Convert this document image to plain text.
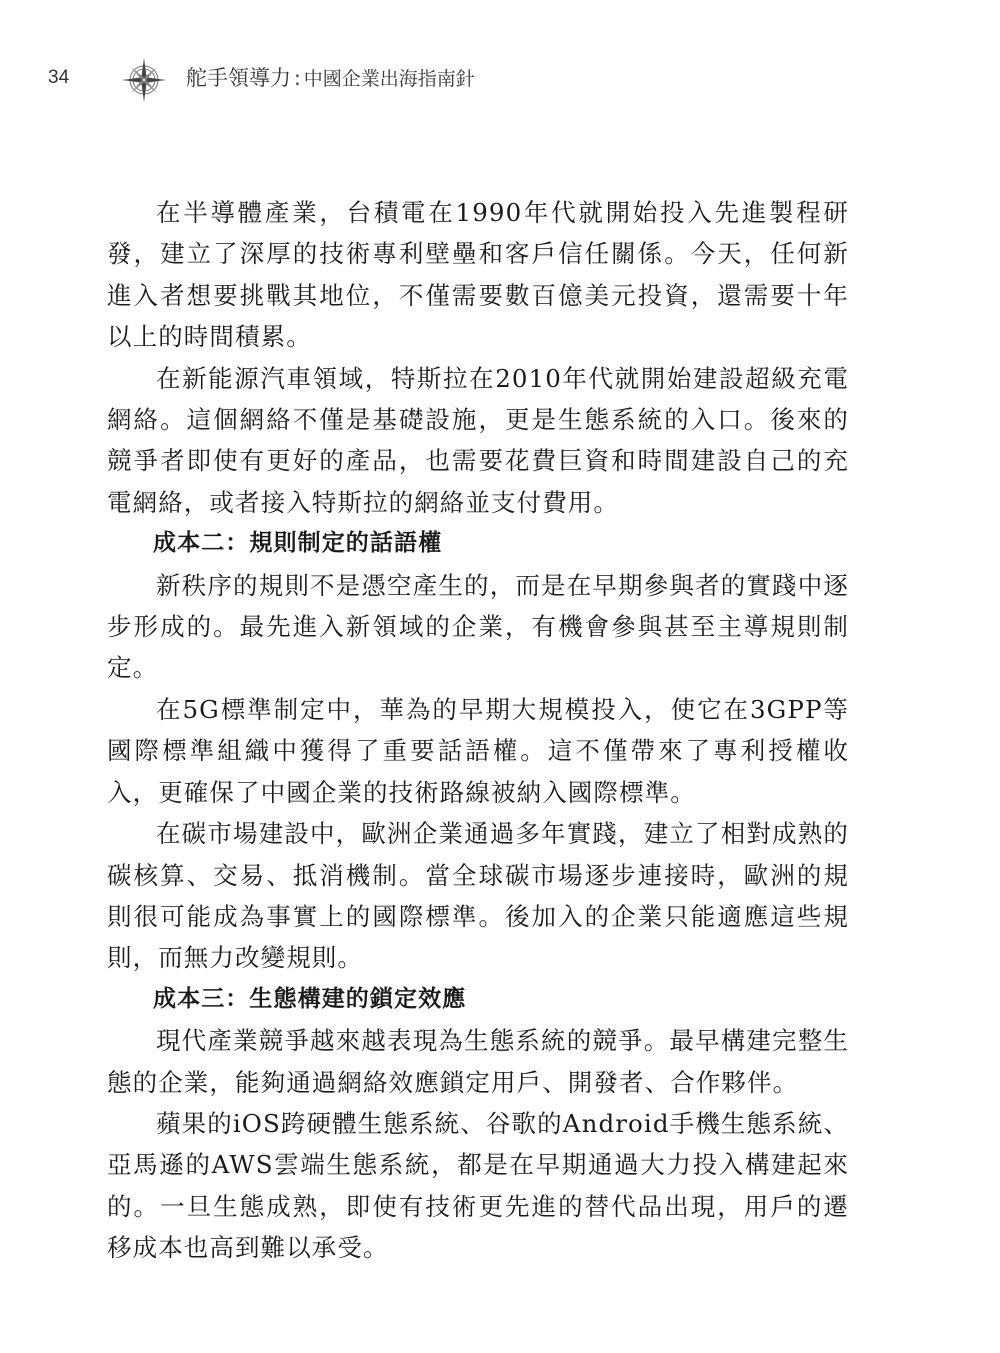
34	舵手領導力 : 中國企業出海指南針

在半導體產業，台積電在1990年代就開始投入先進製程研發，建立了深厚的技術專利壁壘和客戶信任關係。今天，任何新進入者想要挑戰其地位，不僅需要數百億美元投資，還需要十年以上的時間積累。

在新能源汽車領域，特斯拉在2010年代就開始建設超級充電網絡。這個網絡不僅是基礎設施，更是生態系統的入口。後來的競爭者即使有更好的產品，也需要花費巨資和時間建設自己的充電網絡，或者接入特斯拉的網絡並支付費用。

成本二：規則制定的話語權

新秩序的規則不是憑空產生的，而是在早期參與者的實踐中逐步形成的。最先進入新領域的企業，有機會參與甚至主導規則制定。

在5G標準制定中，華為的早期大規模投入，使它在3GPP等國際標準組織中獲得了重要話語權。這不僅帶來了專利授權收入，更確保了中國企業的技術路線被納入國際標準。

在碳市場建設中，歐洲企業通過多年實踐，建立了相對成熟的碳核算、交易、抵消機制。當全球碳市場逐步連接時，歐洲的規則很可能成為事實上的國際標準。後加入的企業只能適應這些規則，而無力改變規則。

成本三：生態構建的鎖定效應

現代產業競爭越來越表現為生態系統的競爭。最早構建完整生態的企業，能夠通過網絡效應鎖定用戶、開發者、合作夥伴。

蘋果的iOS跨硬體生態系統、谷歌的Android手機生態系統、亞馬遜的AWS雲端生態系統，都是在早期通過大力投入構建起來的。一旦生態成熟，即使有技術更先進的替代品出現，用戶的遷移成本也高到難以承受。
